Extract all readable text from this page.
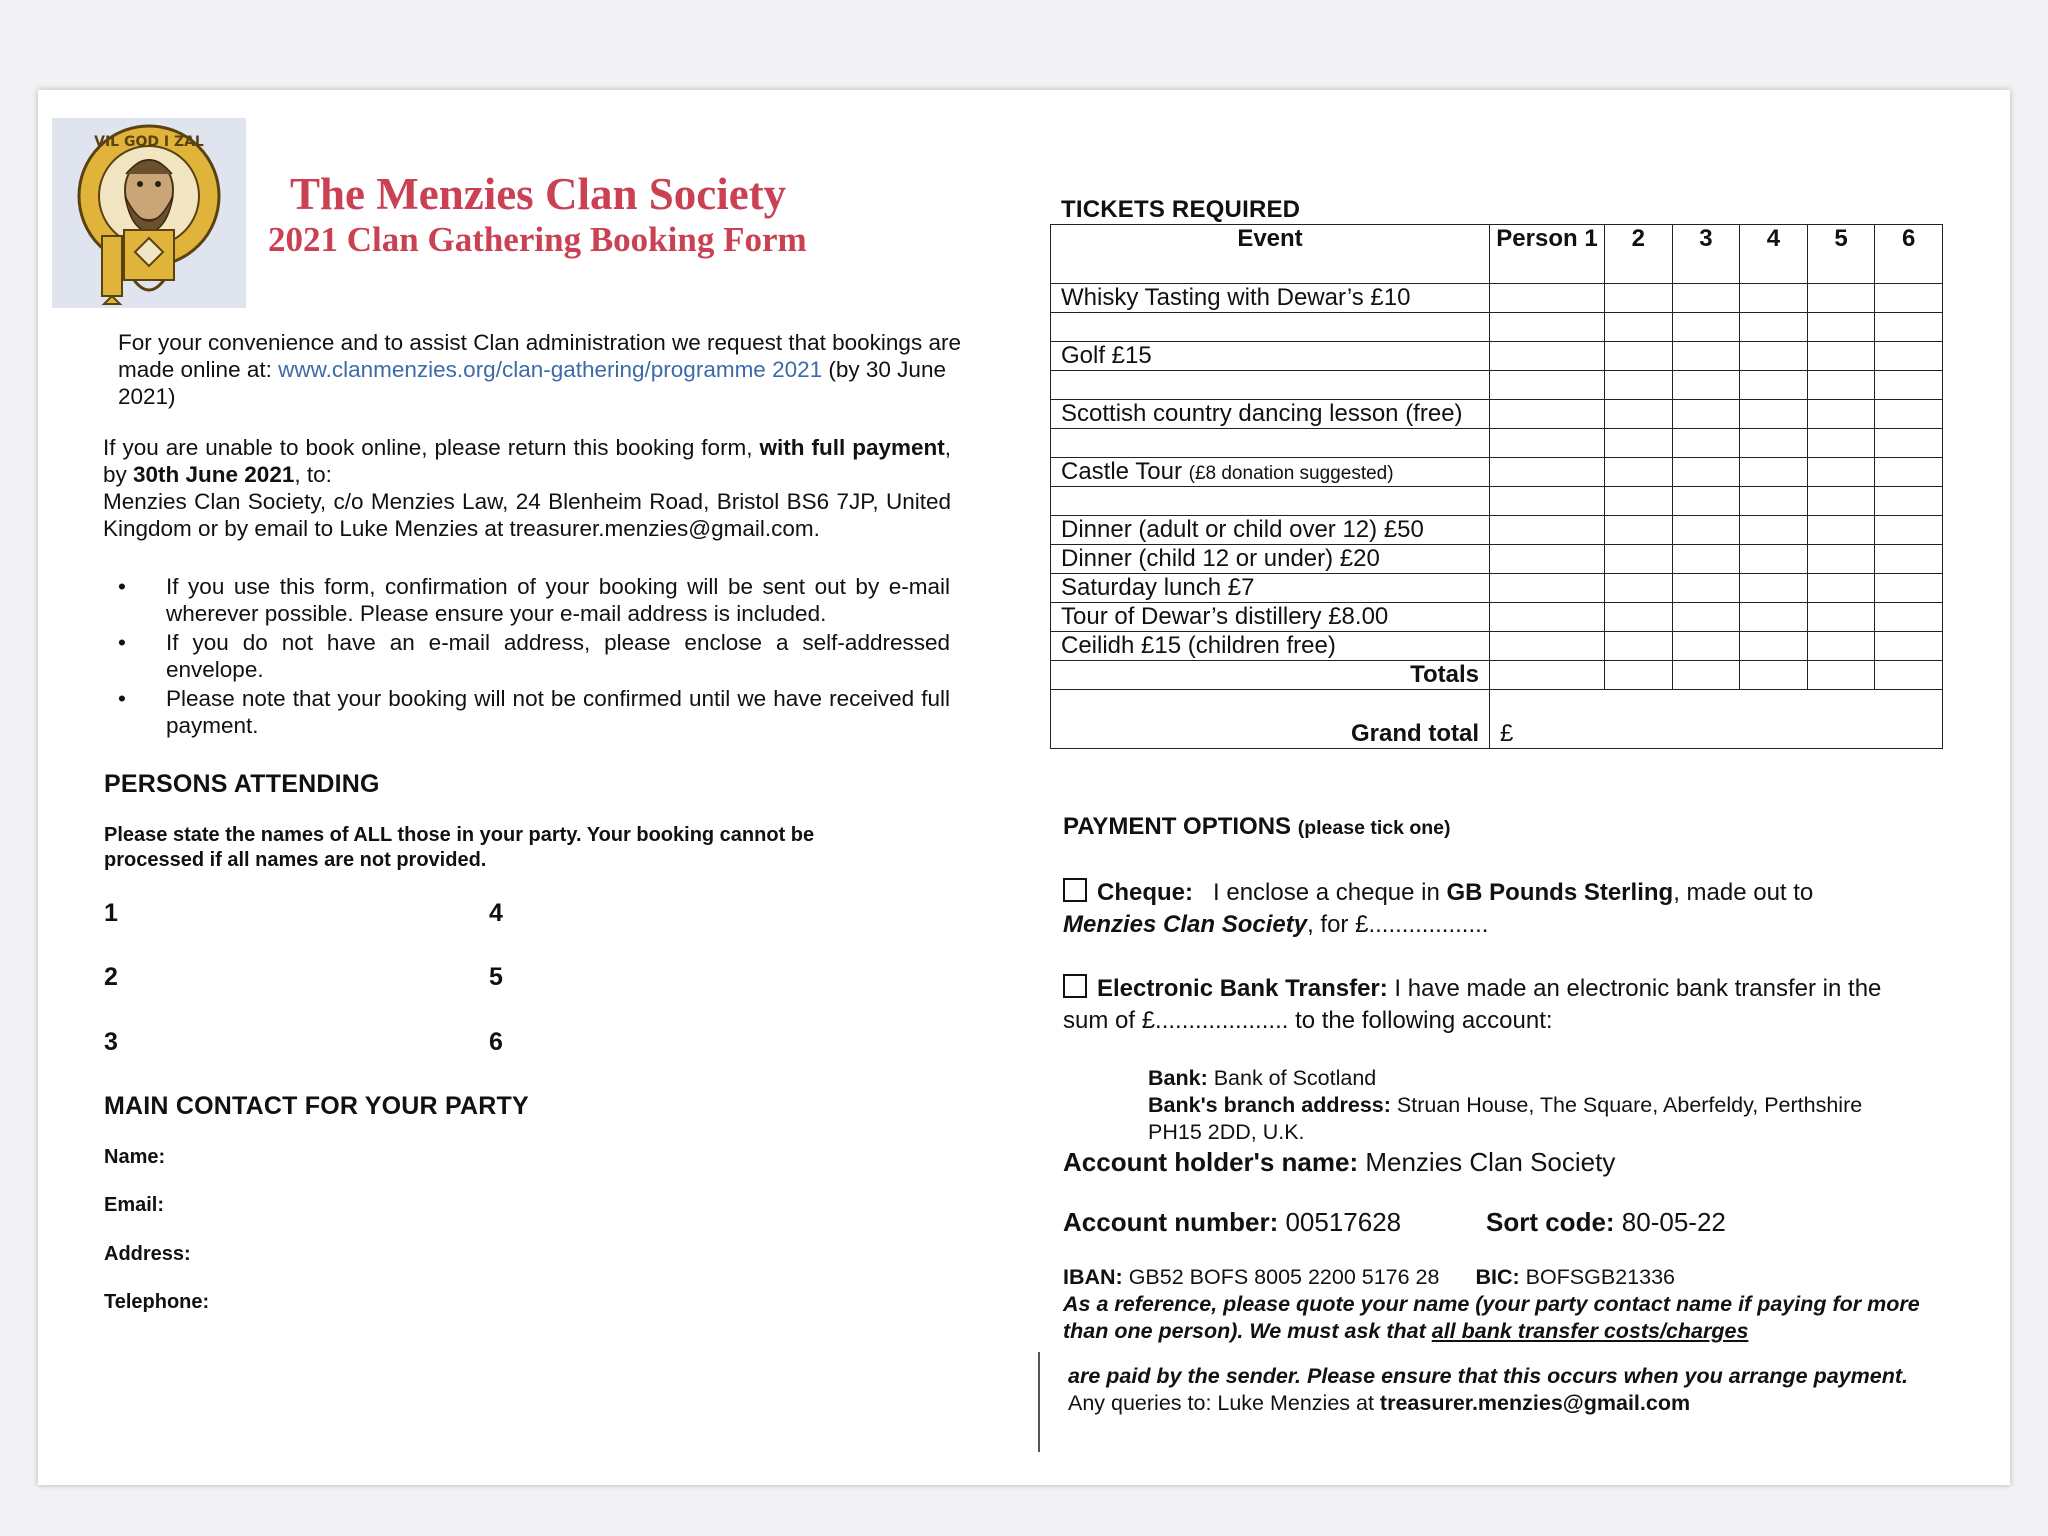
VIL GOD I ZAL
The Menzies Clan Society
2021 Clan Gathering Booking Form
For your convenience and to assist Clan administration we request that bookings are made online at: www.clanmenzies.org/clan-gathering/programme 2021 (by 30 June 2021)
If you are unable to book online, please return this booking form, with full payment, by 30th June 2021, to:
Menzies Clan Society, c/o Menzies Law, 24 Blenheim Road, Bristol BS6 7JP, United Kingdom or by email to Luke Menzies at treasurer.menzies@gmail.com.
• If you use this form, confirmation of your booking will be sent out by e-mail wherever possible. Please ensure your e-mail address is included.
• If you do not have an e-mail address, please enclose a self-addressed envelope.
• Please note that your booking will not be confirmed until we have received full payment.
PERSONS ATTENDING
Please state the names of ALL those in your party. Your booking cannot be processed if all names are not provided.
1
2
3
4
5
6
MAIN CONTACT FOR YOUR PARTY
Name:
Email:
Address:
Telephone:
TICKETS REQUIRED
Event	Person 1	2	3	4	5	6
Whisky Tasting with Dewar’s £10						

Golf £15						

Scottish country dancing lesson (free)						

Castle Tour (£8 donation suggested)						

Dinner (adult or child over 12) £50						
Dinner (child 12 or under) £20						
Saturday lunch £7						
Tour of Dewar’s distillery £8.00						
Ceilidh £15 (children free)						
Totals						
Grand total	£					
PAYMENT OPTIONS (please tick one)
Cheque:   I enclose a cheque in GB Pounds Sterling, made out to Menzies Clan Society, for £..................
Electronic Bank Transfer: I have made an electronic bank transfer in the sum of £.................... to the following account:
Bank: Bank of Scotland
Bank's branch address: Struan House, The Square, Aberfeldy, Perthshire PH15 2DD, U.K.
Account holder's name: Menzies Clan Society
Account number: 00517628	Sort code: 80-05-22
IBAN: GB52 BOFS 8005 2200 5176 28 BIC: BOFSGB21336
As a reference, please quote your name (your party contact name if paying for more than one person). We must ask that all bank transfer costs/charges
are paid by the sender. Please ensure that this occurs when you arrange payment. Any queries to: Luke Menzies at treasurer.menzies@gmail.com
